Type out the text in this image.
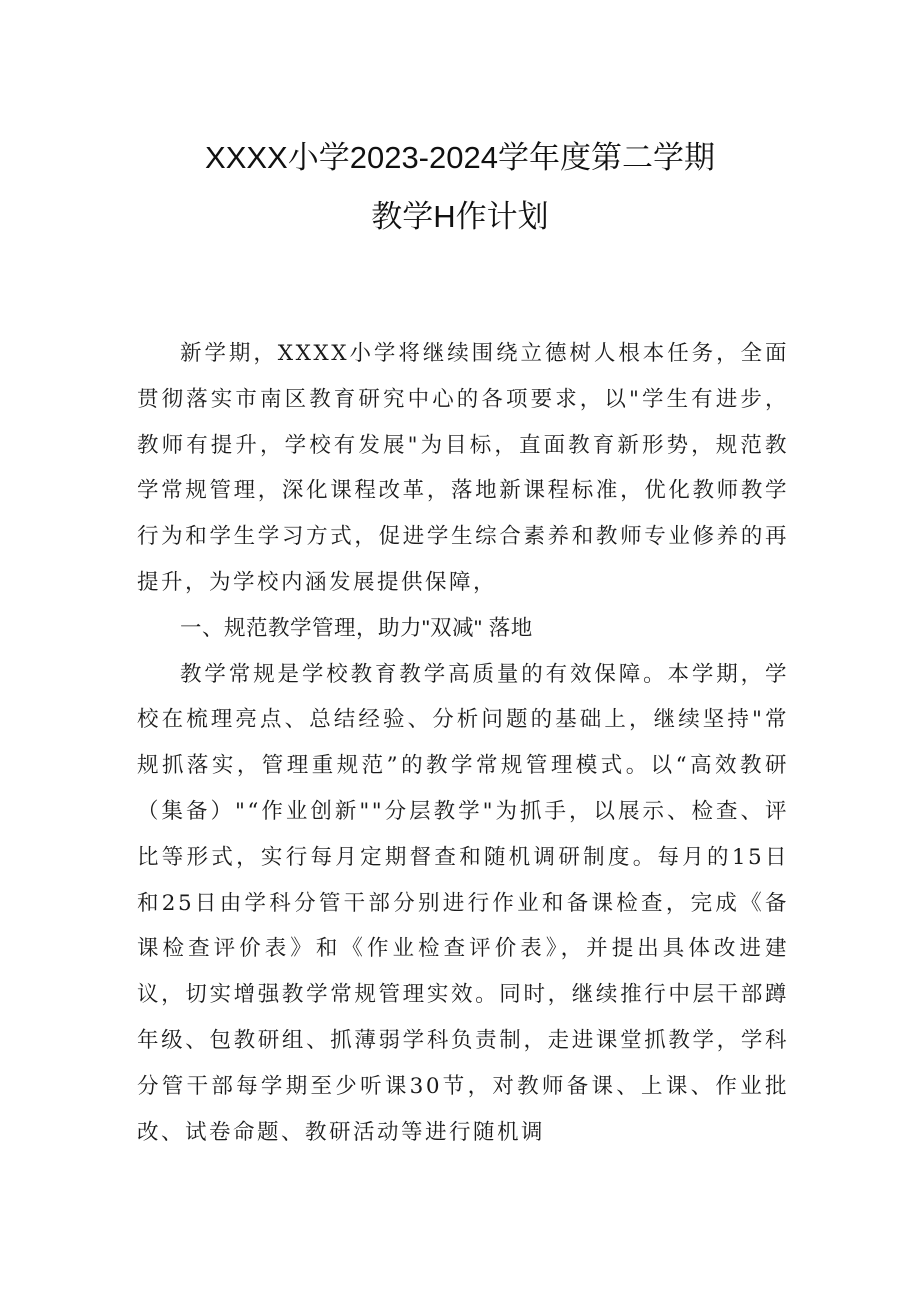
XXXX小学2023-2024学年度第二学期
教学H作计划

新学期，XXXX小学将继续围绕立德树人根本任务，全面贯彻落实市南区教育研究中心的各项要求，以"学生有进步，教师有提升，学校有发展"为目标，直面教育新形势，规范教学常规管理，深化课程改革，落地新课程标准，优化教师教学行为和学生学习方式，促进学生综合素养和教师专业修养的再提升，为学校内涵发展提供保障，

一、规范教学管理，助力"双减" 落地

教学常规是学校教育教学高质量的有效保障。本学期，学校在梳理亮点、总结经验、分析问题的基础上，继续坚持"常规抓落实，管理重规范”的教学常规管理模式。以“高效教研（集备）"“作业创新""分层教学"为抓手，以展示、检查、评比等形式，实行每月定期督查和随机调研制度。每月的15日和25日由学科分管干部分别进行作业和备课检查，完成《备课检查评价表》和《作业检查评价表》，并提出具体改进建议，切实增强教学常规管理实效。同时，继续推行中层干部蹲年级、包教研组、抓薄弱学科负责制，走进课堂抓教学，学科分管干部每学期至少听课30节，对教师备课、上课、作业批改、试卷命题、教研活动等进行随机调
